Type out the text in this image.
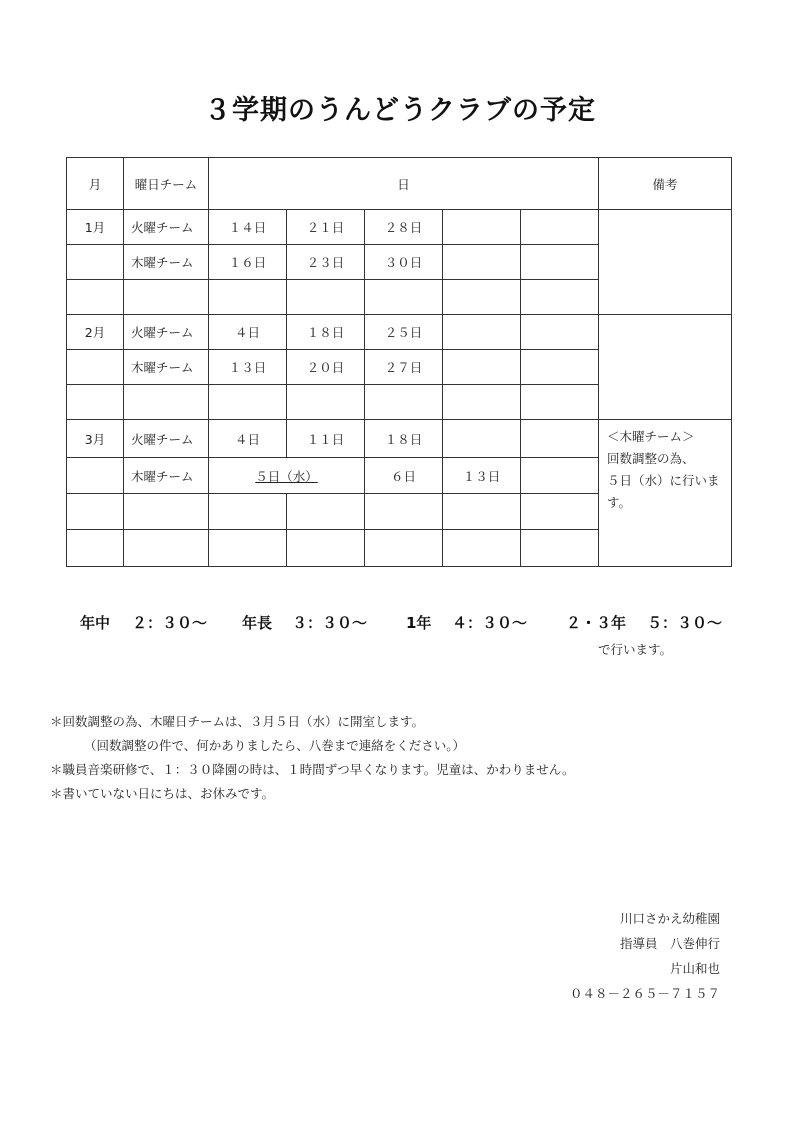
３学期のうんどうクラブの予定
月	曜日チーム	日					備考
1月	火曜チーム	１４日	２１日	２８日			
	木曜チーム	１６日	２３日	３０日			

2月	火曜チーム	４日	１８日	２５日			
	木曜チーム	１３日	２０日	２７日			

3月	火曜チーム	４日	１１日	１８日			＜木曜チーム＞
回数調整の為、
５日（水）に行いま
す。

	木曜チーム	５日（水）		６日	１３日		

年中 ２：３０～ 年長 ３：３０～	1年 ４：３０～	２・３年 ５：３０～
で行います。
＊回数調整の為、木曜日チームは、３月５日（水）に開室します。
（回数調整の件で、何かありましたら、八巻まで連絡をください。）
＊職員音楽研修で、１：３０降園の時は、１時間ずつ早くなります。児童は、かわりません。
＊書いていない日にちは、お休みです。
川口さかえ幼稚園
指導員　八巻伸行
片山和也
０４８－２６５－７１５７
